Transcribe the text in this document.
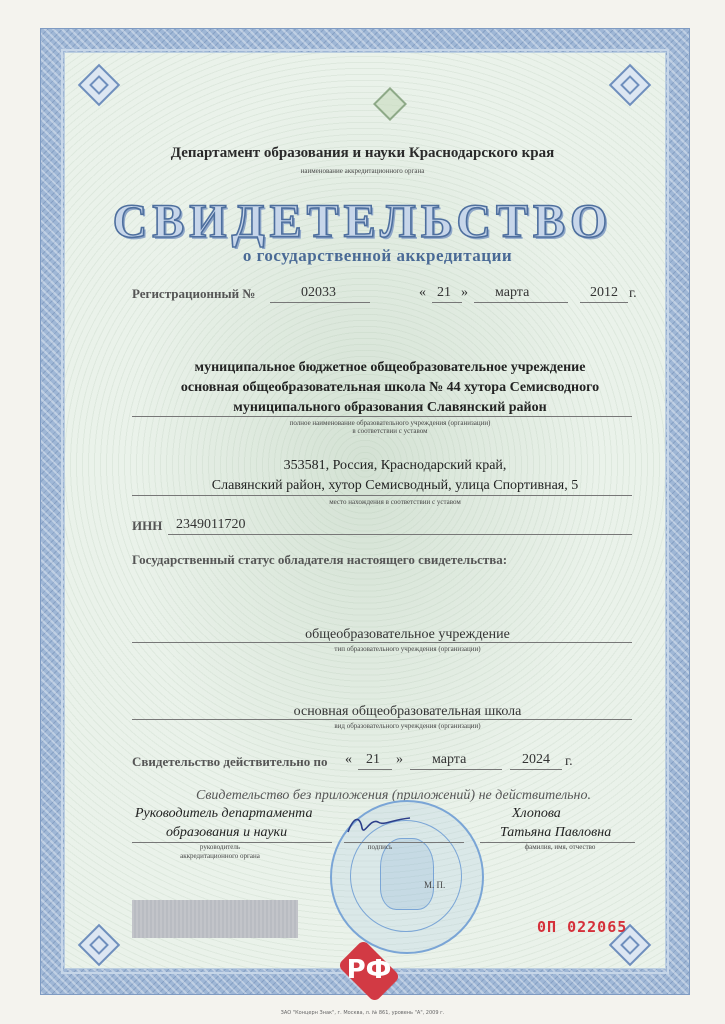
Департамент образования и науки Краснодарского края
наименование аккредитационного органа
СВИДЕТЕЛЬСТВО
о государственной аккредитации
Регистрационный №	02033	« 21 » марта	2012 г.
муниципальное бюджетное общеобразовательное учреждение
основная общеобразовательная школа № 44 хутора Семисводного
муниципального образования Славянский район
полное наименование образовательного учреждения (организации)
в соответствии с уставом
353581, Россия, Краснодарский край,
Славянский район, хутор Семисводный, улица Спортивная, 5
место нахождения в соответствии с уставом
ИНН 2349011720
Государственный статус обладателя настоящего свидетельства:
общеобразовательное учреждение
тип образовательного учреждения (организации)
основная общеобразовательная школа
вид образовательного учреждения (организации)
Свидетельство действительно по « 21 » марта	2024 г.
Свидетельство без приложения (приложений) не действительно.
Руководитель департамента
образования и науки
руководитель аккредитационного органа
подпись
Хлопова
Татьяна Павловна
фамилия, имя, отчество
М. П.
0П 022065
РФ
ЗАО "Концерн Знак", г. Москва, л. № 861, уровень "А", 2009 г.
